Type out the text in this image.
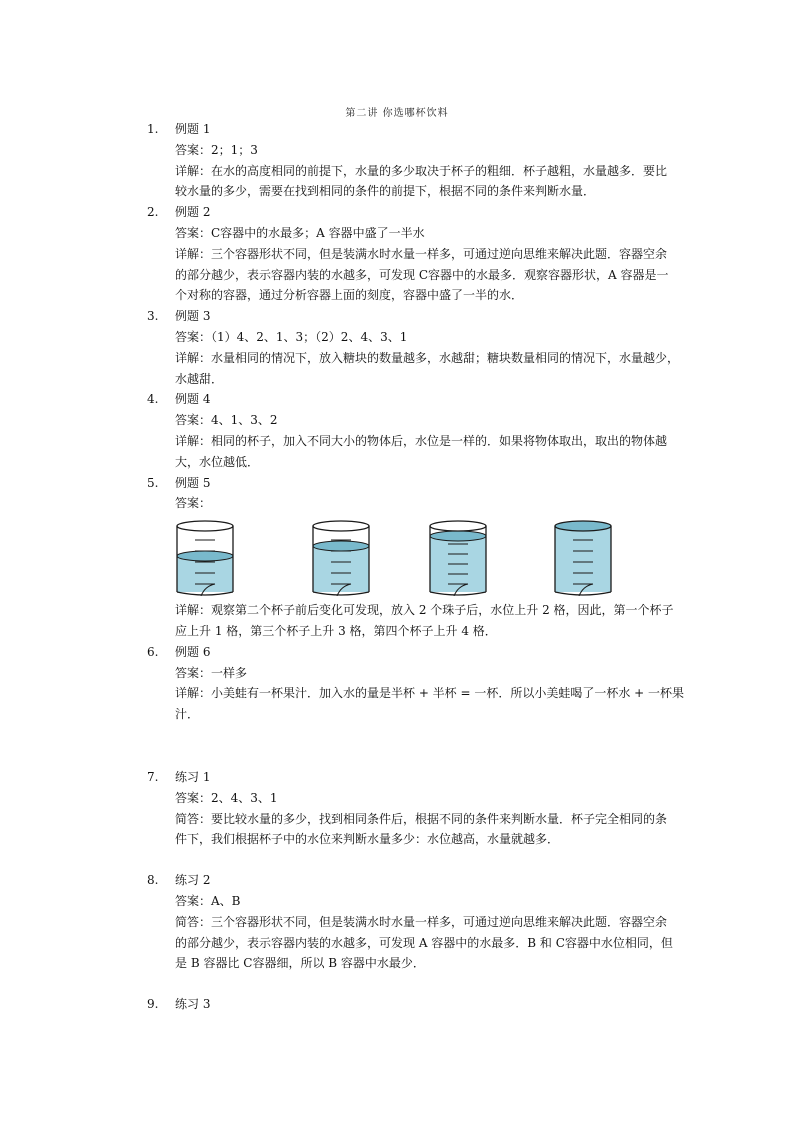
第二讲 你选哪杯饮料
1. 例题 1
答案：2；1；3
详解：在水的高度相同的前提下，水量的多少取决于杯子的粗细．杯子越粗，水量越多．要比
较水量的多少，需要在找到相同的条件的前提下，根据不同的条件来判断水量．
2. 例题 2
答案：C容器中的水最多；A 容器中盛了一半水
详解：三个容器形状不同，但是装满水时水量一样多，可通过逆向思维来解决此题．容器空余
的部分越少，表示容器内装的水越多，可发现 C容器中的水最多．观察容器形状，A 容器是一
个对称的容器，通过分析容器上面的刻度，容器中盛了一半的水．
3. 例题 3
答案：（1）4、2、1、3；（2）2、4、3、1
详解：水量相同的情况下，放入糖块的数量越多，水越甜；糖块数量相同的情况下，水量越少，
水越甜．
4. 例题 4
答案：4、1、3、2
详解：相同的杯子，加入不同大小的物体后，水位是一样的．如果将物体取出，取出的物体越
大，水位越低．
5. 例题 5
答案：
详解：观察第二个杯子前后变化可发现，放入 2 个珠子后，水位上升 2 格，因此，第一个杯子
应上升 1 格，第三个杯子上升 3 格，第四个杯子上升 4 格．
6. 例题 6
答案：一样多
详解：小美蛙有一杯果汁．加入水的量是半杯 + 半杯 = 一杯．所以小美蛙喝了一杯水 + 一杯果
汁．
7. 练习 1
答案：2、4、3、1
简答：要比较水量的多少，找到相同条件后，根据不同的条件来判断水量．杯子完全相同的条
件下，我们根据杯子中的水位来判断水量多少：水位越高，水量就越多．
8. 练习 2
答案：A、B
简答：三个容器形状不同，但是装满水时水量一样多，可通过逆向思维来解决此题．容器空余
的部分越少，表示容器内装的水越多，可发现 A 容器中的水最多．B 和 C容器中水位相同，但
是 B 容器比 C容器细，所以 B 容器中水最少．
9. 练习 3
